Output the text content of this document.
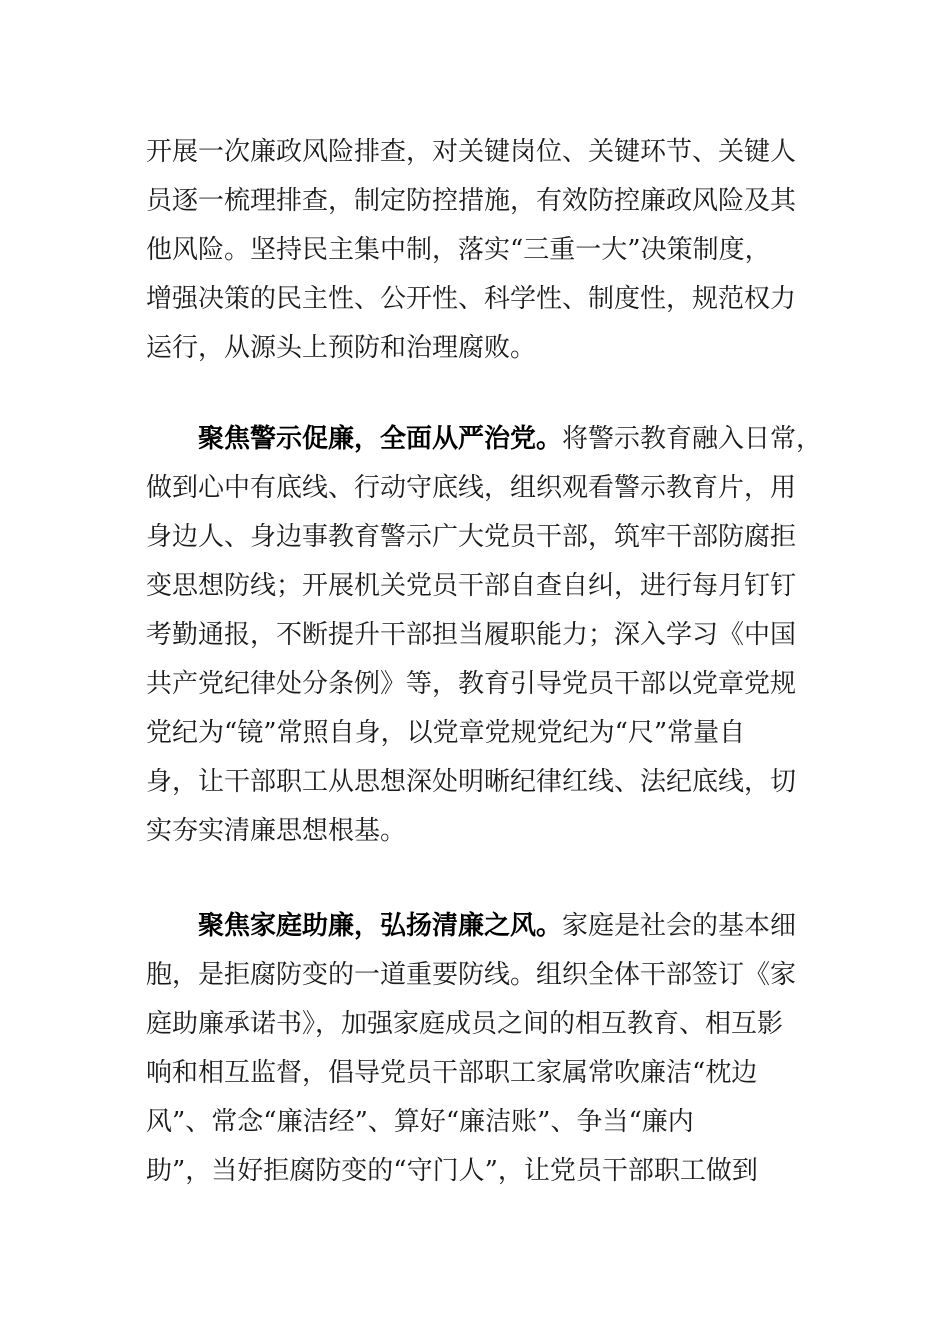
开展一次廉政风险排查，对关键岗位、关键环节、关键人
员逐一梳理排查，制定防控措施，有效防控廉政风险及其
他风险。坚持民主集中制，落实“三重一大”决策制度，
增强决策的民主性、公开性、科学性、制度性，规范权力
运行，从源头上预防和治理腐败。
　　聚焦警示促廉，全面从严治党。将警示教育融入日常，
做到心中有底线、行动守底线，组织观看警示教育片，用
身边人、身边事教育警示广大党员干部，筑牢干部防腐拒
变思想防线；开展机关党员干部自查自纠，进行每月钉钉
考勤通报，不断提升干部担当履职能力；深入学习《中国
共产党纪律处分条例》等，教育引导党员干部以党章党规
党纪为“镜”常照自身，以党章党规党纪为“尺”常量自
身，让干部职工从思想深处明晰纪律红线、法纪底线，切
实夯实清廉思想根基。
　　聚焦家庭助廉，弘扬清廉之风。家庭是社会的基本细
胞，是拒腐防变的一道重要防线。组织全体干部签订《家
庭助廉承诺书》，加强家庭成员之间的相互教育、相互影
响和相互监督，倡导党员干部职工家属常吹廉洁“枕边
风”、常念“廉洁经”、算好“廉洁账”、争当“廉内
助”，当好拒腐防变的“守门人”，让党员干部职工做到
